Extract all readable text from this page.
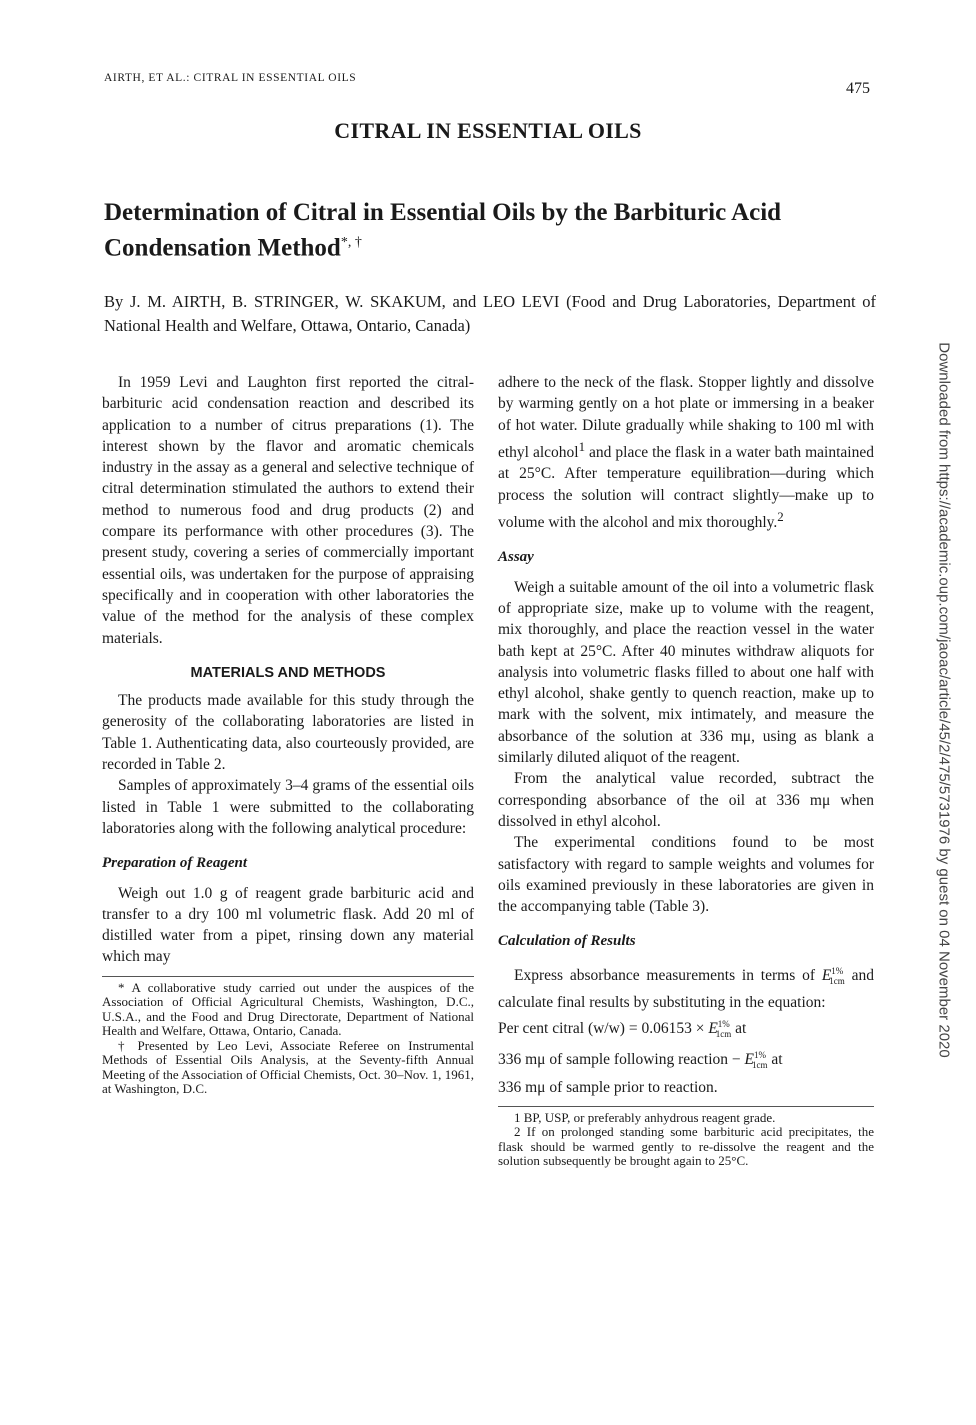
AIRTH, ET AL.: CITRAL IN ESSENTIAL OILS
475
CITRAL IN ESSENTIAL OILS
Determination of Citral in Essential Oils by the Barbituric Acid Condensation Method*, †
By J. M. AIRTH, B. STRINGER, W. SKAKUM, and LEO LEVI (Food and Drug Laboratories, Department of National Health and Welfare, Ottawa, Ontario, Canada)

In 1959 Levi and Laughton first reported the citral-barbituric acid condensation reaction and described its application to a number of citrus preparations (1). The interest shown by the flavor and aromatic chemicals industry in the assay as a general and selective technique of citral determination stimulated the authors to extend their method to numerous food and drug products (2) and compare its performance with other procedures (3). The present study, covering a series of commercially important essential oils, was undertaken for the purpose of appraising specifically and in cooperation with other laboratories the value of the method for the analysis of these complex materials.

MATERIALS AND METHODS

The products made available for this study through the generosity of the collaborating laboratories are listed in Table 1. Authenticating data, also courteously provided, are recorded in Table 2.

Samples of approximately 3–4 grams of the essential oils listed in Table 1 were submitted to the collaborating laboratories along with the following analytical procedure:

Preparation of Reagent

Weigh out 1.0 g of reagent grade barbituric acid and transfer to a dry 100 ml volumetric flask. Add 20 ml of distilled water from a pipet, rinsing down any material which may

* A collaborative study carried out under the auspices of the Association of Official Agricultural Chemists, Washington, D.C., U.S.A., and the Food and Drug Directorate, Department of National Health and Welfare, Ottawa, Ontario, Canada.

† Presented by Leo Levi, Associate Referee on Instrumental Methods of Essential Oils Analysis, at the Seventy-fifth Annual Meeting of the Association of Official Chemists, Oct. 30–Nov. 1, 1961, at Washington, D.C.

adhere to the neck of the flask. Stopper lightly and dissolve by warming gently on a hot plate or immersing in a beaker of hot water. Dilute gradually while shaking to 100 ml with ethyl alcohol$^1$ and place the flask in a water bath maintained at 25°C. After temperature equilibration—during which process the solution will contract slightly—make up to volume with the alcohol and mix thoroughly.$^2$

Assay

Weigh a suitable amount of the oil into a volumetric flask of appropriate size, make up to volume with the reagent, mix thoroughly, and place the reaction vessel in the water bath kept at 25°C. After 40 minutes withdraw aliquots for analysis into volumetric flasks filled to about one half with ethyl alcohol, shake gently to quench reaction, make up to mark with the solvent, mix intimately, and measure the absorbance of the solution at 336 mμ, using as blank a similarly diluted aliquot of the reagent.

From the analytical value recorded, subtract the corresponding absorbance of the oil at 336 mμ when dissolved in ethyl alcohol.

The experimental conditions found to be most satisfactory with regard to sample weights and volumes for oils examined previously in these laboratories are given in the accompanying table (Table 3).

Calculation of Results

Express absorbance measurements in terms of $E^{1\%}_{1cm}$ and calculate final results by substituting in the equation:

Per cent citral $(w/w) = 0.06153 \times E^{1\%}_{1cm}$ at

336 mμ of sample following reaction − $E^{1\%}_{1cm}$ at

336 mμ of sample prior to reaction.

1 BP, USP, or preferably anhydrous reagent grade.

2 If on prolonged standing some barbituric acid precipitates, the flask should be warmed gently to re-dissolve the reagent and the solution subsequently be brought again to 25°C.

Downloaded from https://academic.oup.com/jaoac/article/45/2/475/5731976 by guest on 04 November 2020
